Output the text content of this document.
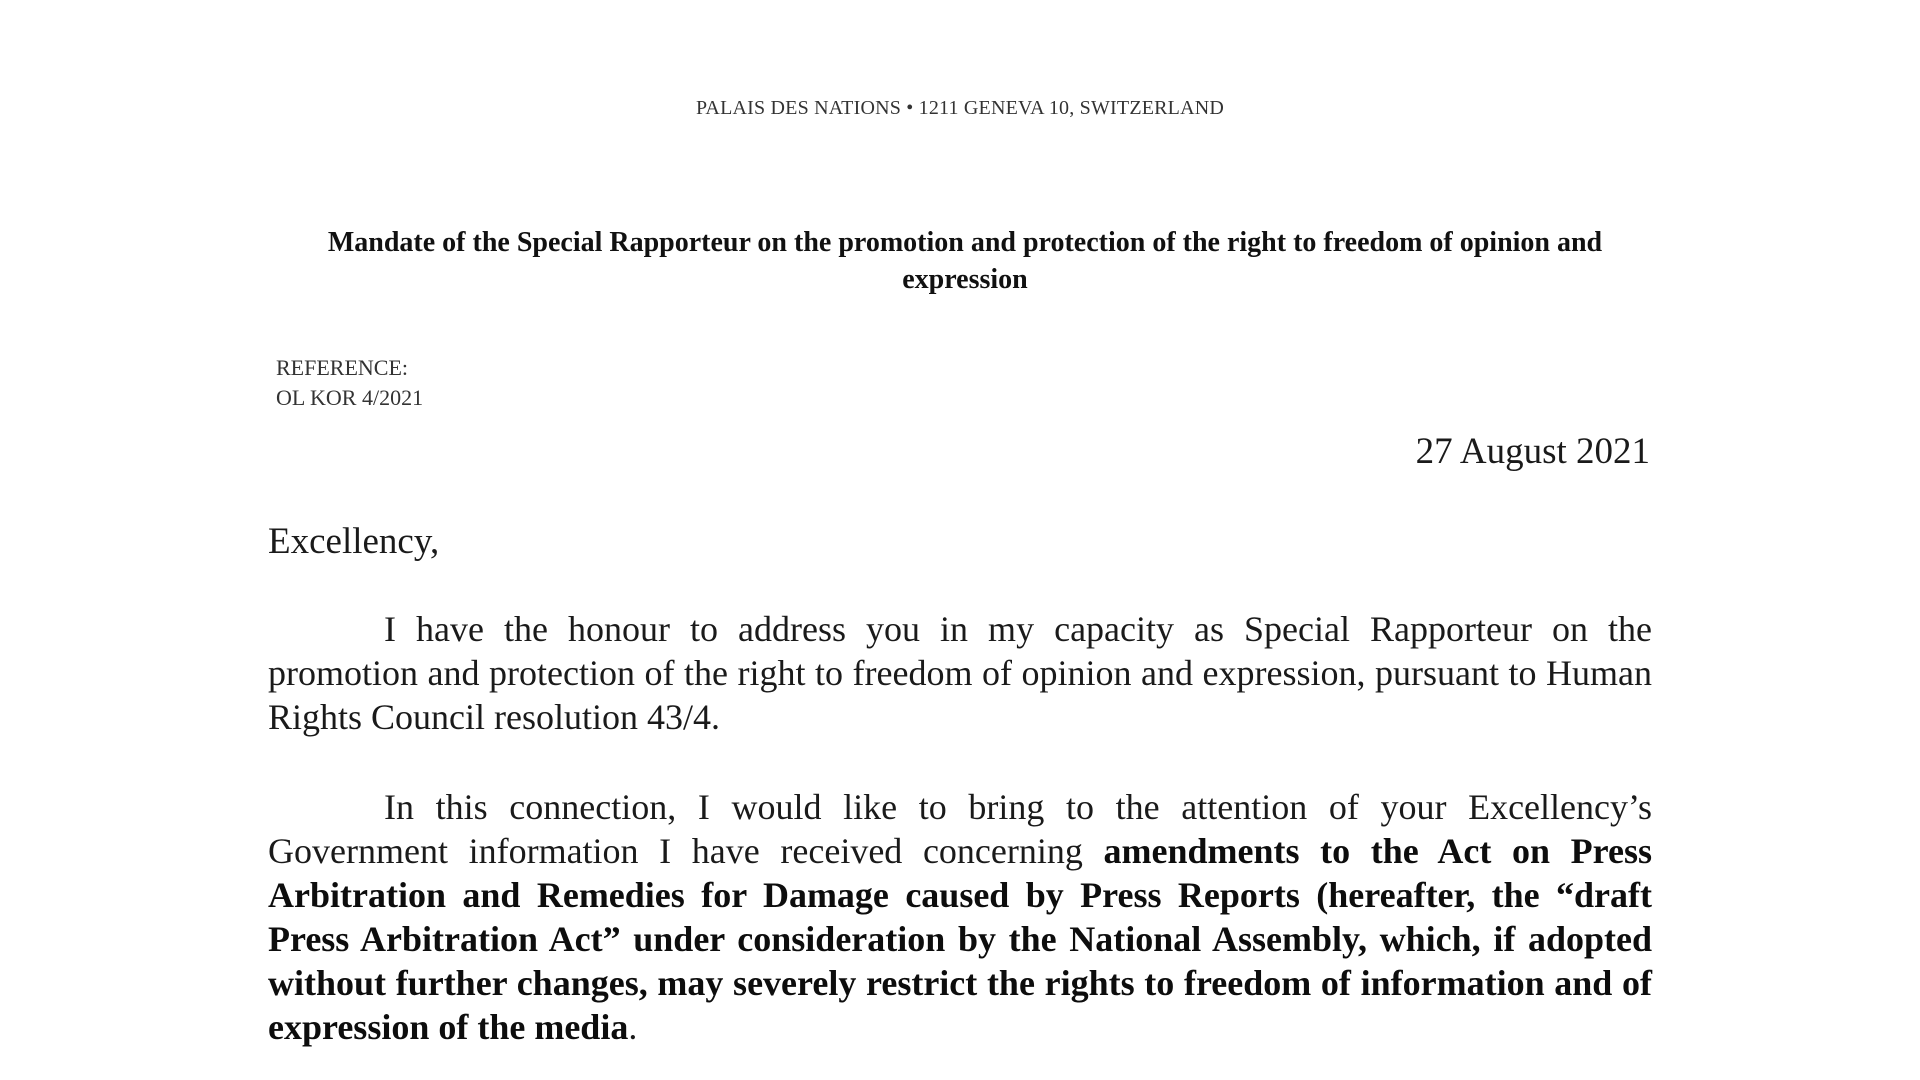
PALAIS DES NATIONS • 1211 GENEVA 10, SWITZERLAND
Mandate of the Special Rapporteur on the promotion and protection of the right to freedom of opinion and expression
REFERENCE:
OL KOR 4/2021
27 August 2021
Excellency,
I have the honour to address you in my capacity as Special Rapporteur on the promotion and protection of the right to freedom of opinion and expression, pursuant to Human Rights Council resolution 43/4.
In this connection, I would like to bring to the attention of your Excellency’s Government information I have received concerning amendments to the Act on Press Arbitration and Remedies for Damage caused by Press Reports (hereafter, the “draft Press Arbitration Act” under consideration by the National Assembly, which, if adopted without further changes, may severely restrict the rights to freedom of information and of expression of the media.
